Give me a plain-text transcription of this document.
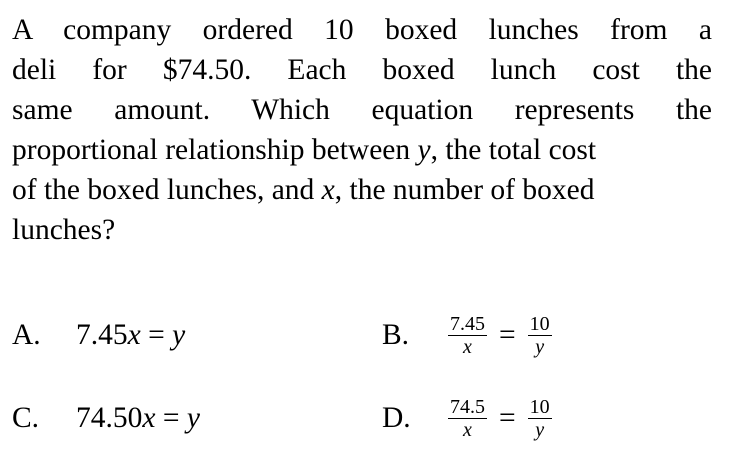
A company ordered 10 boxed lunches from a
deli for $74.50. Each boxed lunch cost the
same amount. Which equation represents the
proportional relationship between y, the total cost
of the boxed lunches, and x, the number of boxed
lunches?
A.	7.45x = y	B.	$\frac{7.45}{x} = \frac{10}{y}$
C.	74.50x = y	D.	$\frac{74.5}{x} = \frac{10}{y}$
